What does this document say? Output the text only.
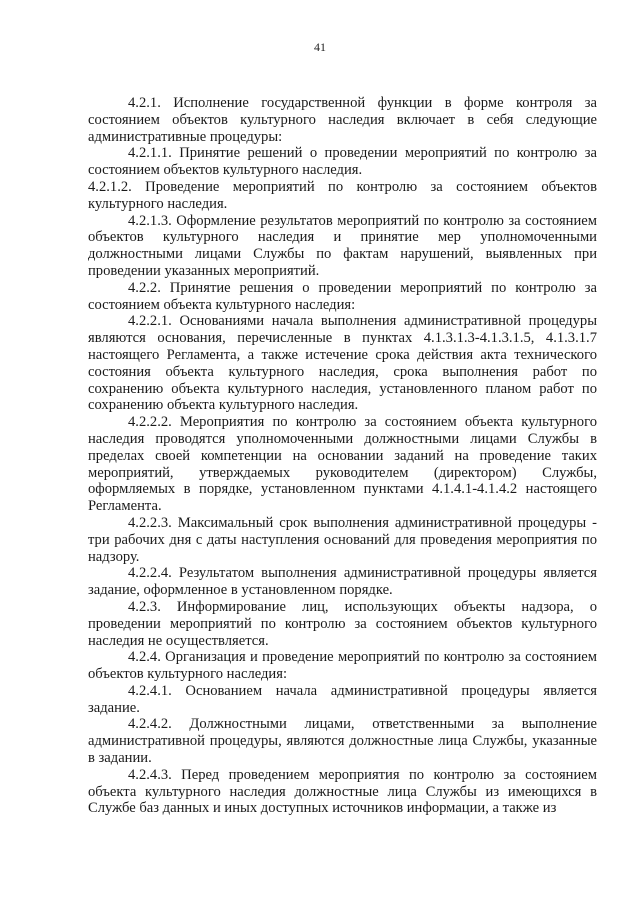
41

4.2.1. Исполнение государственной функции в форме контроля за состоянием объектов культурного наследия включает в себя следующие административные процедуры:

4.2.1.1. Принятие решений о проведении мероприятий по контролю за состоянием объектов культурного наследия.

4.2.1.2. Проведение мероприятий по контролю за состоянием объектов культурного наследия.

4.2.1.3. Оформление результатов мероприятий по контролю за состоянием объектов культурного наследия и принятие мер уполномоченными должностными лицами Службы по фактам нарушений, выявленных при проведении указанных мероприятий.

4.2.2. Принятие решения о проведении мероприятий по контролю за состоянием объекта культурного наследия:

4.2.2.1. Основаниями начала выполнения административной процедуры являются основания, перечисленные в пунктах 4.1.3.1.3-4.1.3.1.5, 4.1.3.1.7 настоящего Регламента, а также истечение срока действия акта технического состояния объекта культурного наследия, срока выполнения работ по сохранению объекта культурного наследия, установленного планом работ по сохранению объекта культурного наследия.

4.2.2.2. Мероприятия по контролю за состоянием объекта культурного наследия проводятся уполномоченными должностными лицами Службы в пределах своей компетенции на основании заданий на проведение таких мероприятий, утверждаемых руководителем (директором) Службы, оформляемых в порядке, установленном пунктами 4.1.4.1-4.1.4.2 настоящего Регламента.

4.2.2.3. Максимальный срок выполнения административной процедуры - три рабочих дня с даты наступления оснований для проведения мероприятия по надзору.

4.2.2.4. Результатом выполнения административной процедуры является задание, оформленное в установленном порядке.

4.2.3. Информирование лиц, использующих объекты надзора, о проведении мероприятий по контролю за состоянием объектов культурного наследия не осуществляется.

4.2.4. Организация и проведение мероприятий по контролю за состоянием объектов культурного наследия:

4.2.4.1. Основанием начала административной процедуры является задание.

4.2.4.2. Должностными лицами, ответственными за выполнение административной процедуры, являются должностные лица Службы, указанные в задании.

4.2.4.3. Перед проведением мероприятия по контролю за состоянием объекта культурного наследия должностные лица Службы из имеющихся в Службе баз данных и иных доступных источников информации, а также из
